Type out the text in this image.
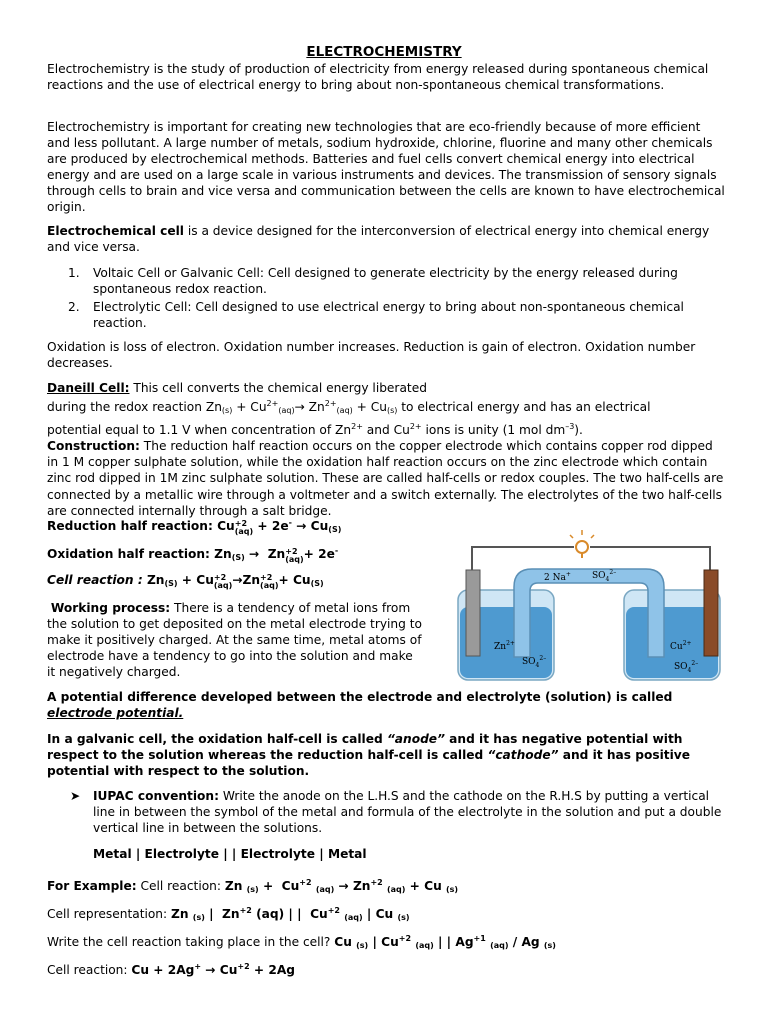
ELECTROCHEMISTRY

Electrochemistry is the study of production of electricity from energy released during spontaneous chemical reactions and the use of electrical energy to bring about non-spontaneous chemical transformations.

Electrochemistry is important for creating new technologies that are eco-friendly because of more efficient and less pollutant. A large number of metals, sodium hydroxide, chlorine, fluorine and many other chemicals are produced by electrochemical methods. Batteries and fuel cells convert chemical energy into electrical energy and are used on a large scale in various instruments and devices. The transmission of sensory signals through cells to brain and vice versa and communication between the cells are known to have electrochemical origin.

Electrochemical cell is a device designed for the interconversion of electrical energy into chemical energy and vice versa.

1. Voltaic Cell or Galvanic Cell: Cell designed to generate electricity by the energy released during spontaneous redox reaction.
2. Electrolytic Cell: Cell designed to use electrical energy to bring about non-spontaneous chemical reaction.

Oxidation is loss of electron. Oxidation number increases. Reduction is gain of electron. Oxidation number decreases.

Daneill Cell: This cell converts the chemical energy liberated
during the redox reaction $Zn_{(s)} + Cu^{2+}_{(aq)}\to Zn^{2+}_{(aq)} + Cu_{(s)}$ to electrical energy and has an electrical
potential equal to 1.1 V when concentration of $Zn^{2+}$ and $Cu^{2+}$ ions is unity (1 mol $dm^{-3}$).
Construction: The reduction half reaction occurs on the copper electrode which contains copper rod dipped in 1 M copper sulphate solution, while the oxidation half reaction occurs on the zinc electrode which contain zinc rod dipped in 1M zinc sulphate solution. These are called half-cells or redox couples. The two half-cells are connected by a metallic wire through a voltmeter and a switch externally. The electrolytes of the two half-cells are connected internally through a salt bridge.
Reduction half reaction: Cu +2
$(aq) + 2e^- \to Cu_{(S)}$
Oxidation half reaction: $Zn_{(S)} \to Zn +2$
(aq) + 2e-
Cell reaction : $Zn_{(S)} + Cu +2$
(aq) →Zn +2
$(aq) + Cu_{(S)}$

Working process: There is a tendency of metal ions from the solution to get deposited on the metal electrode trying to make it positively charged. At the same time, metal atoms of electrode have a tendency to go into the solution and make it negatively charged.

2 Na+ $SO_4^{2-}$
$Zn^{2+}$
$SO_4^{2-}$
$Cu^{2+}$
$SO_4^{2-}$

A potential difference developed between the electrode and electrolyte (solution) is called
electrode potential.

In a galvanic cell, the oxidation half-cell is called “anode” and it has negative potential with respect to the solution whereas the reduction half-cell is called “cathode” and it has positive potential with respect to the solution.

➤ IUPAC convention: Write the anode on the L.H.S and the cathode on the R.H.S by putting a vertical line in between the symbol of the metal and formula of the electrolyte in the solution and put a double vertical line in between the solutions.

Metal | Electrolyte | | Electrolyte | Metal
For Example: Cell reaction: Zn $_{(s)} + Cu^{+2}$ $_{(aq)} \to Zn^{+2}$ $_{(aq)}$ + Cu $_{(s)}$
Cell representation: Zn $_{(s)}$ |  $Zn^{+2}$ (aq) | |  $Cu^{+2}$ $_{(aq)}$ | Cu $_{(s)}$
Write the cell reaction taking place in the cell? Cu $_{(s)}$ | $Cu^{+2}$ $_{(aq)}$ | | $Ag^{+1}$ $_{(aq)}$ / Ag $_{(s)}$
Cell reaction: $Cu + 2Ag^+ \to Cu^{+2} + 2Ag$
